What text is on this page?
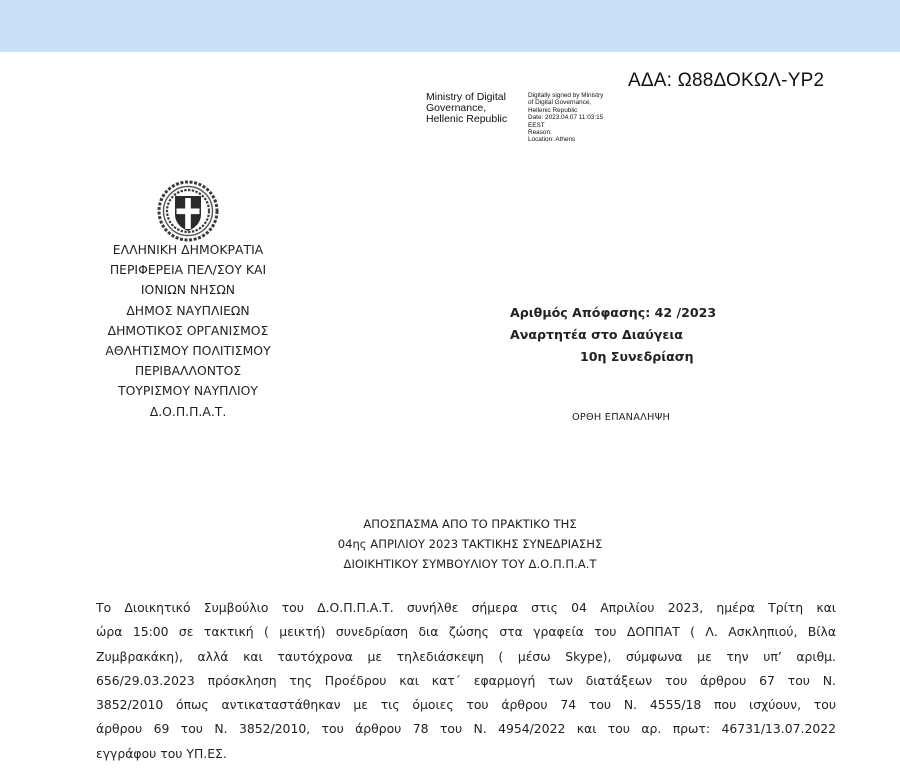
ΑΔΑ: Ω88ΔΟΚΩΛ-ΥΡ2
Ministry of Digital
Governance,
Hellenic Republic
Digitally signed by Ministry
of Digital Governance,
Hellenic Republic
Date: 2023.04.07 11:03:15
EEST
Reason:
Location: Athens
ΕΛΛΗΝΙΚΗ ΔΗΜΟΚΡΑΤΙΑ
ΠΕΡΙΦΕΡΕΙΑ ΠΕΛ/ΣΟΥ ΚΑΙ
ΙΟΝΙΩΝ ΝΗΣΩΝ
ΔΗΜΟΣ ΝΑΥΠΛΙΕΩΝ
ΔΗΜΟΤΙΚΟΣ ΟΡΓΑΝΙΣΜΟΣ
ΑΘΛΗΤΙΣΜΟΥ ΠΟΛΙΤΙΣΜΟΥ
ΠΕΡΙΒΑΛΛΟΝΤΟΣ
ΤΟΥΡΙΣΜΟΥ ΝΑΥΠΛΙΟΥ
Δ.Ο.Π.Π.Α.Τ.
Αριθμός Απόφασης: 42 /2023
Αναρτητέα στο Διαύγεια
10η Συνεδρίαση
ΟΡΘΗ ΕΠΑΝΑΛΗΨΗ
ΑΠΟΣΠΑΣΜΑ ΑΠΟ ΤΟ ΠΡΑΚΤΙΚΟ ΤΗΣ
04ης ΑΠΡΙΛΙΟΥ 2023 ΤΑΚΤΙΚΗΣ ΣΥΝΕΔΡΙΑΣΗΣ
ΔΙΟΙΚΗΤΙΚΟΥ ΣΥΜΒΟΥΛΙΟΥ ΤΟΥ Δ.Ο.Π.Π.Α.Τ
Το Διοικητικό Συμβούλιο του Δ.Ο.Π.Π.Α.Τ. συνήλθε σήμερα στις 04 Απριλίου 2023, ημέρα Τρίτη και
ώρα 15:00 σε τακτική ( μεικτή) συνεδρίαση δια ζώσης στα γραφεία του ΔΟΠΠΑΤ ( Λ. Ασκληπιού, Βίλα
Ζυμβρακάκη), αλλά και ταυτόχρονα με τηλεδιάσκεψη ( μέσω Skype), σύμφωνα με την υπ’ αριθμ.
656/29.03.2023 πρόσκληση της Προέδρου και κατ΄ εφαρμογή των διατάξεων του άρθρου 67 του Ν.
3852/2010 όπως αντικαταστάθηκαν με τις όμοιες του άρθρου 74 του Ν. 4555/18 που ισχύουν, του
άρθρου 69 του Ν. 3852/2010, του άρθρου 78 του Ν. 4954/2022 και του αρ. πρωτ: 46731/13.07.2022
εγγράφου του ΥΠ.ΕΣ.
